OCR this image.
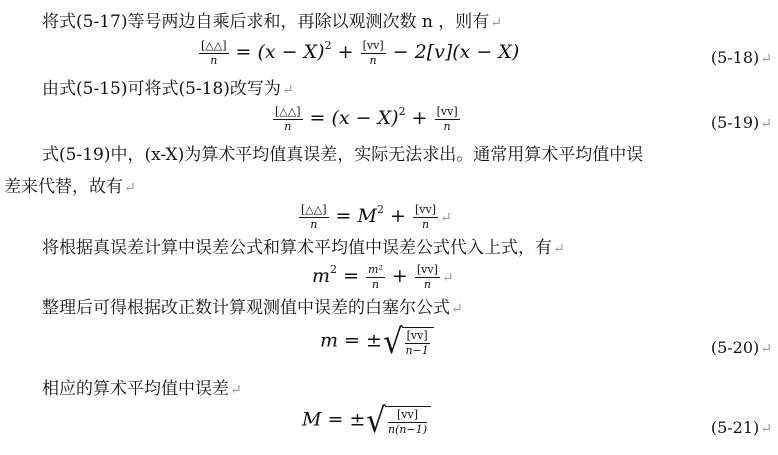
将式(5-17)等号两边自乘后求和，再除以观测次数 n ，则有↵
$\frac{[\triangle\triangle]}{n} = (x - X)^2 + \frac{[vv]}{n} - 2[v](x - X)$	(5-18)↵
由式(5-15)可将式(5-18)改写为↵
$\frac{[\triangle\triangle]}{n} = (x - X)^2 + \frac{[vv]}{n}$	(5-19)↵
式(5-19)中，(x-X)为算术平均值真误差，实际无法求出。通常用算术平均值中误
差来代替，故有↵
$\frac{[\triangle\triangle]}{n} = M^2 + \frac{[vv]}{n}$ ↵
将根据真误差计算中误差公式和算术平均值中误差公式代入上式，有↵
$m^2 = \frac{\text{m²}}{n} + \frac{[vv]}{n}$ ↵
整理后可得根据改正数计算观测值中误差的白塞尔公式↵
m = ±√ $\frac{[vv]}{n-1}$	(5-20)↵
相应的算术平均值中误差↵
M = ±√ $\frac{[vv]}{n(n-1)}$	(5-21)↵
